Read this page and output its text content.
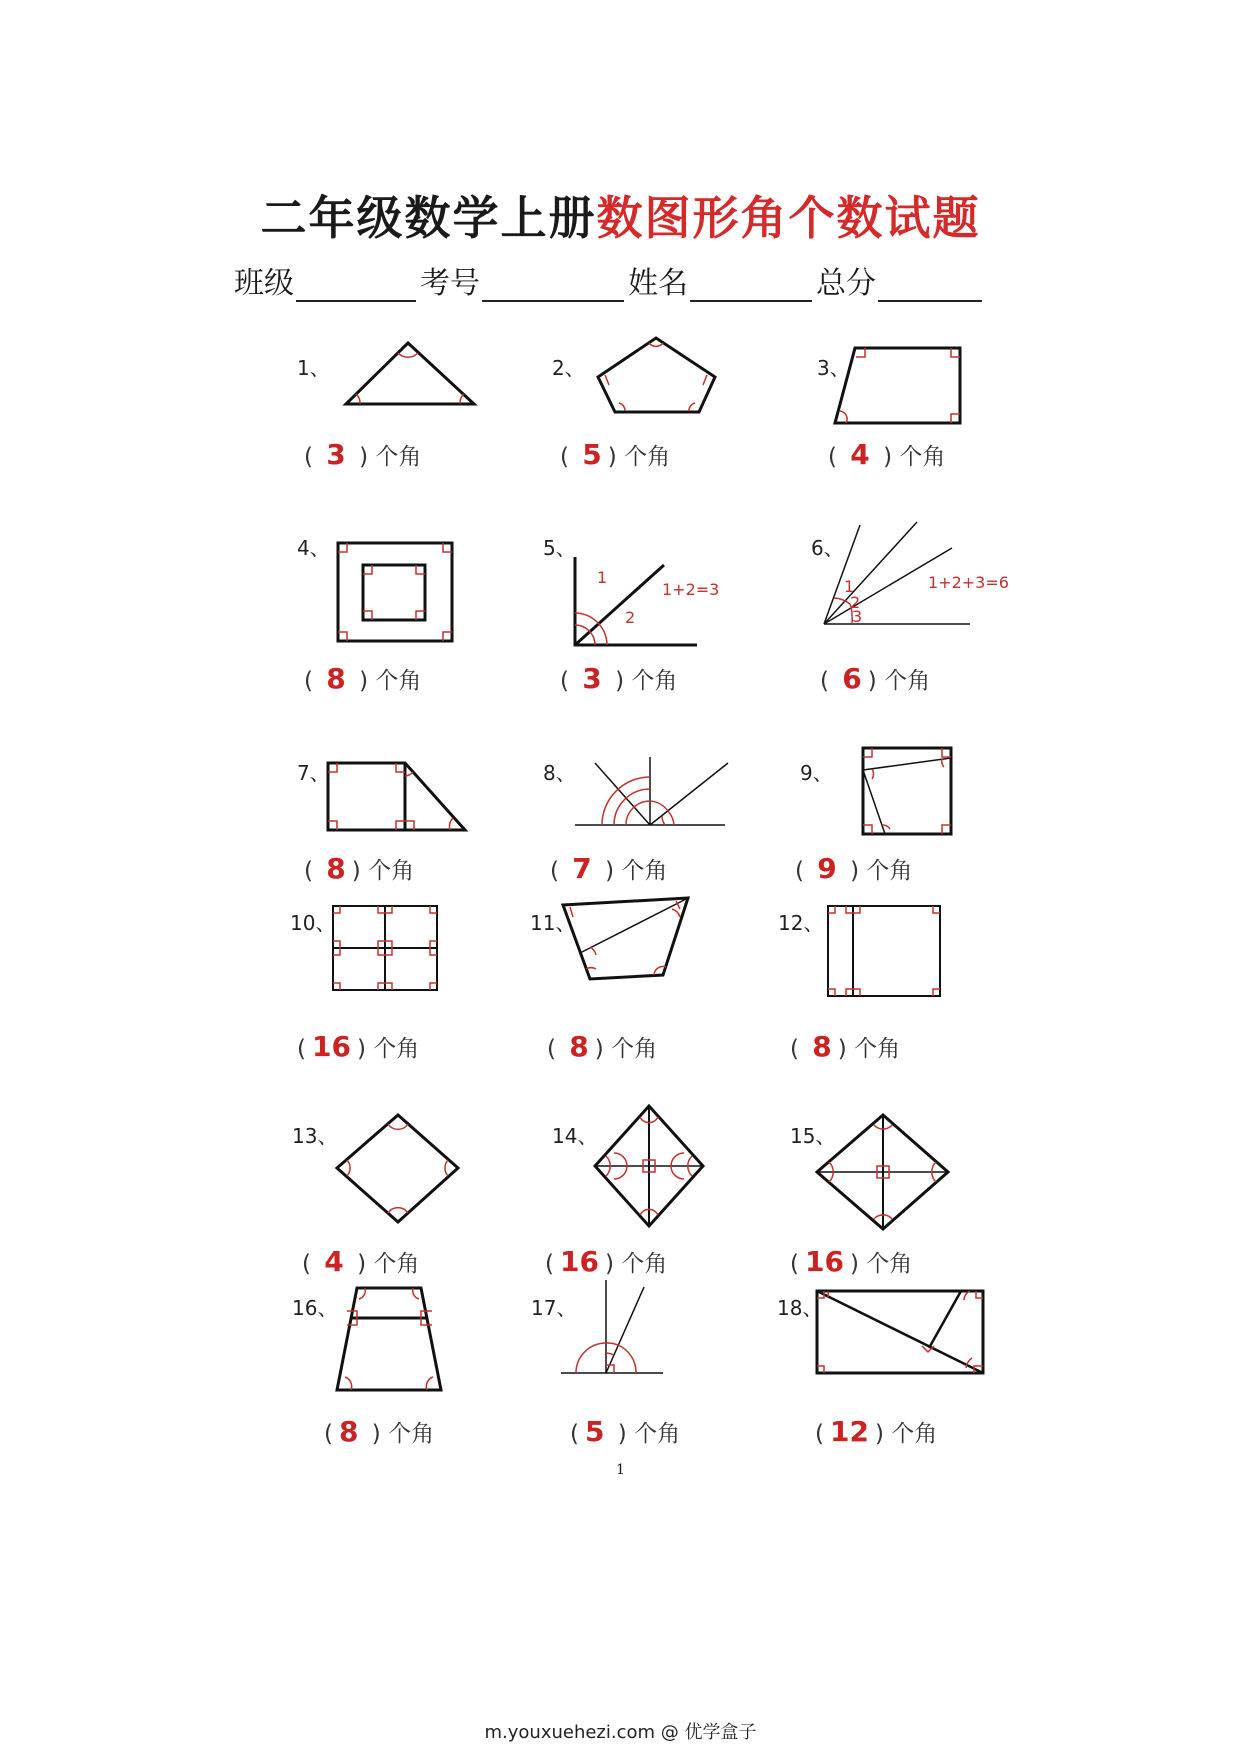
二年级数学上册数图形角个数试题
班级	考号	姓名	总分
1、
( 3 ) 个角
2、
( 5 ) 个角
3、
( 4 ) 个角
4、
( 8 ) 个角
5、
1
2
1+2=3
( 3 ) 个角
6、
1
2
3
1+2+3=6
( 6 ) 个角
7、
( 8 ) 个角
8、
( 7 ) 个角
9、
( 9 ) 个角
10、
( 16 ) 个角
11、
( 8 ) 个角
12、
( 8 ) 个角
13、
( 4 ) 个角
14、
( 16 ) 个角
15、
( 16 ) 个角
16、
( 8 ) 个角
17、
( 5 ) 个角
18、
( 12 ) 个角
1
m.youxuehezi.com @ 优学盒子
